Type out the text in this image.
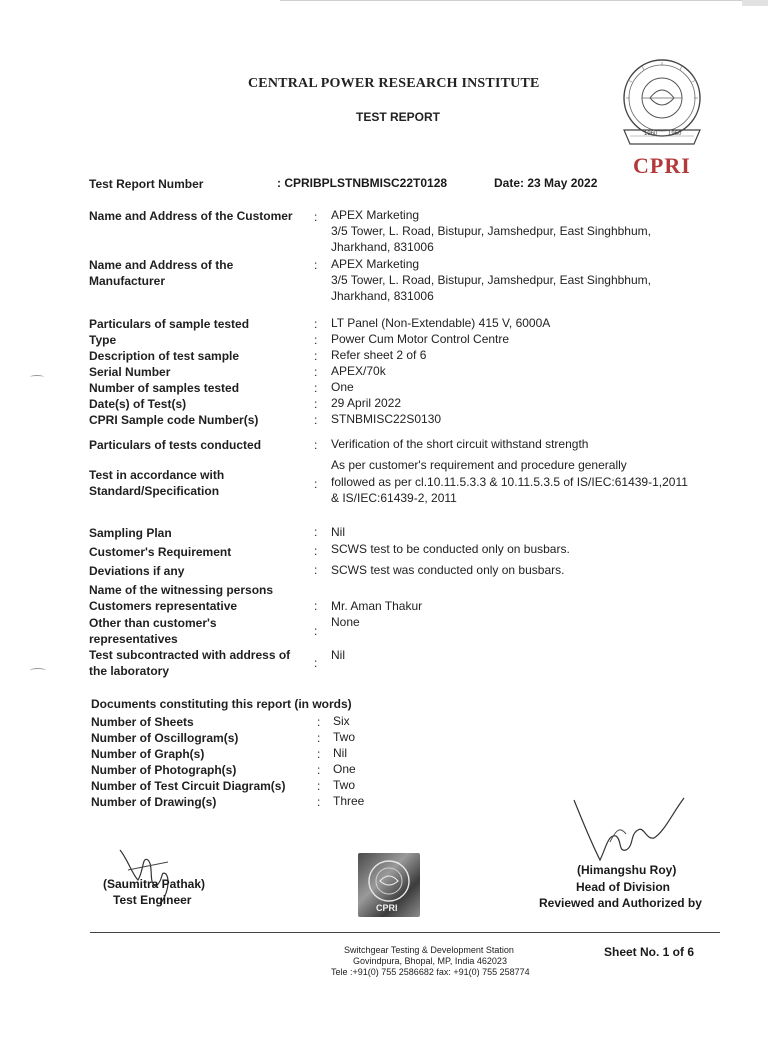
CENTRAL POWER RESEARCH INSTITUTE
TEST REPORT
1960 1960
CPRI
Test Report Number	: CPRIBPLSTNBMISC22T0128	Date: 23 May 2022
Name and Address of the Customer : APEX Marketing
3/5 Tower, L. Road, Bistupur, Jamshedpur, East Singhbhum,
Jharkhand, 831006
Name and Address of the
Manufacturer
: APEX Marketing
3/5 Tower, L. Road, Bistupur, Jamshedpur, East Singhbhum,
Jharkhand, 831006
Particulars of sample tested	: LT Panel (Non-Extendable) 415 V, 6000A
Type	: Power Cum Motor Control Centre
Description of test sample	: Refer sheet 2 of 6
Serial Number	: APEX/70k
Number of samples tested	: One
Date(s) of Test(s)	: 29 April 2022
CPRI Sample code Number(s)	: STNBMISC22S0130
Particulars of tests conducted	: Verification of the short circuit withstand strength
Test in accordance with
Standard/Specification	:
As per customer's requirement and procedure generally
followed as per cl.10.11.5.3.3 & 10.11.5.3.5 of IS/IEC:61439-1,2011
& IS/IEC:61439-2, 2011
Sampling Plan	: Nil
Customer's Requirement	: SCWS test to be conducted only on busbars.
Deviations if any	: SCWS test was conducted only on busbars.
Name of the witnessing persons
Customers representative	: Mr. Aman Thakur
Other than customer's
representatives
:
None
Test subcontracted with address of
the laboratory
:
Nil
Documents constituting this report (in words)
Number of Sheets	: Six
Number of Oscillogram(s)	: Two
Number of Graph(s)	: Nil
Number of Photograph(s)	: One
Number of Test Circuit Diagram(s)	: Two
Number of Drawing(s)	: Three
(Saumitra Pathak)
Test Engineer
CPRI
(Himangshu Roy)
Head of Division
Reviewed and Authorized by
Switchgear Testing & Development Station
Govindpura, Bhopal, MP, India 462023
Tele :+91(0) 755 2586682 fax: +91(0) 755 258774
Sheet No. 1 of 6
